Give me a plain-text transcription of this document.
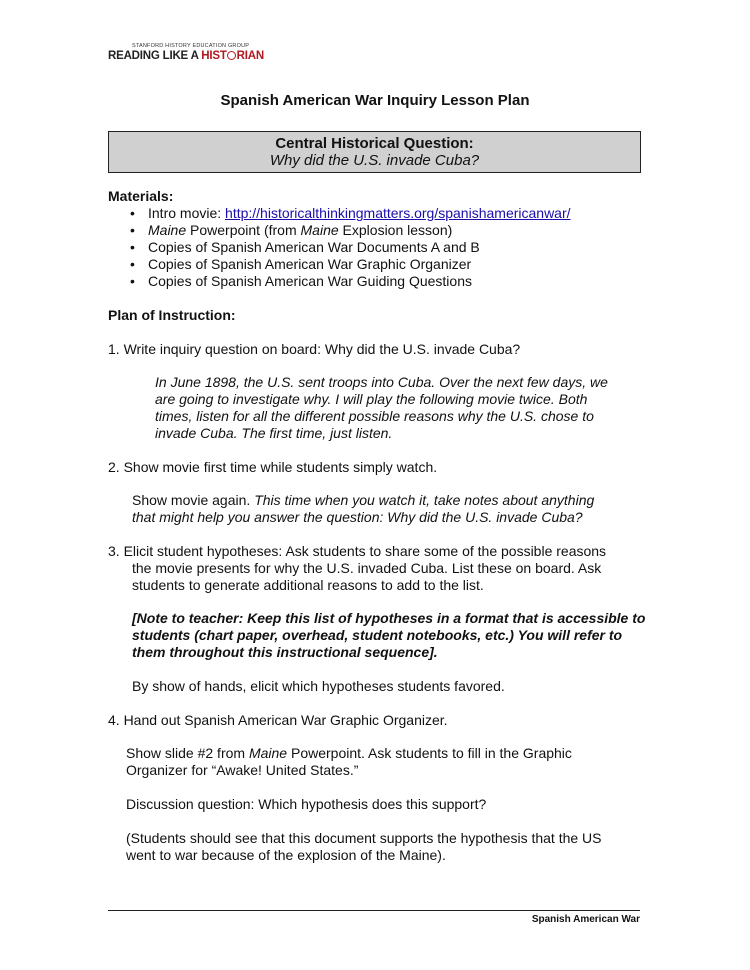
STANFORD HISTORY EDUCATION GROUP
READING LIKE A HIST RIAN
Spanish American War Inquiry Lesson Plan
Central Historical Question:
Why did the U.S. invade Cuba?
Materials:
• Intro movie: http://historicalthinkingmatters.org/spanishamericanwar/
• Maine Powerpoint (from Maine Explosion lesson)
• Copies of Spanish American War Documents A and B
• Copies of Spanish American War Graphic Organizer
• Copies of Spanish American War Guiding Questions
Plan of Instruction:
1. Write inquiry question on board: Why did the U.S. invade Cuba?
In June 1898, the U.S. sent troops into Cuba. Over the next few days, we
are going to investigate why. I will play the following movie twice. Both
times, listen for all the different possible reasons why the U.S. chose to
invade Cuba. The first time, just listen.
2. Show movie first time while students simply watch.
Show movie again. This time when you watch it, take notes about anything
that might help you answer the question: Why did the U.S. invade Cuba?
3. Elicit student hypotheses: Ask students to share some of the possible reasons
the movie presents for why the U.S. invaded Cuba. List these on board. Ask
students to generate additional reasons to add to the list.
[Note to teacher: Keep this list of hypotheses in a format that is accessible to
students (chart paper, overhead, student notebooks, etc.) You will refer to
them throughout this instructional sequence].
By show of hands, elicit which hypotheses students favored.
4. Hand out Spanish American War Graphic Organizer.
Show slide #2 from Maine Powerpoint. Ask students to fill in the Graphic
Organizer for “Awake! United States.”
Discussion question: Which hypothesis does this support?
(Students should see that this document supports the hypothesis that the US
went to war because of the explosion of the Maine).
Spanish American War
